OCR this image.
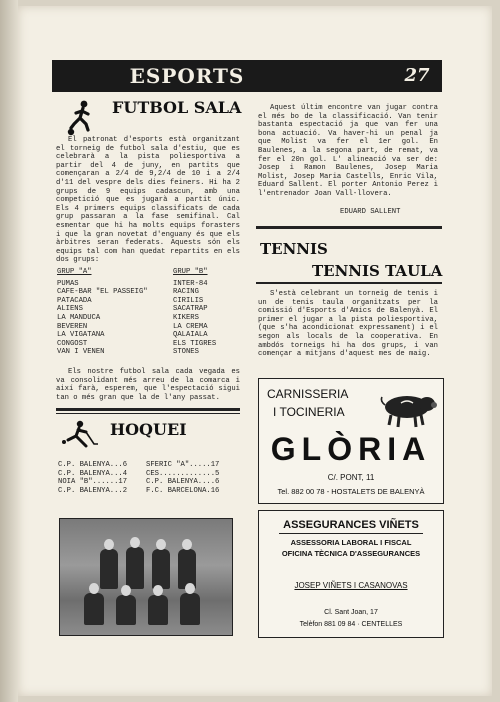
ESPORTS	27
FUTBOL SALA

El patronat d'esports està organitzant el torneig de futbol sala d'estiu, que es celebrarà a la pista poliesportiva a partir del 4 de juny, en partits que començaran a 2/4 de 9,2/4 de 10 i a 2/4 d'11 del vespre dels dies feiners. Hi ha 2 grups de 9 equips cadascun, amb una competició que es jugarà a partit únic. Els 4 primers equips classificats de cada grup passaran a la fase semifinal. Cal esmentar que hi ha molts equips forasters i que la gran novetat d'enguany és que els àrbitres seran federats. Aquests són els equips tal com han quedat repartits en els dos grups:

GRUP "A"
PUMAS
CAFE-BAR "EL PASSEIG"
PATACADA
ALIENS
LA MANDUCA
BEVEREN
LA VIGATANA
CONGOST
VAN I VENEN
GRUP "B"
INTER-84
RACING
CIRILIS
SACATRAP
KIKERS
LA CREMA
QALAIALA
ELS TIGRES
STONES

Els nostre futbol sala cada vegada es va consolidant més arreu de la comarca i així farà, esperem, que l'espectació sigui tan o més gran que la de l'any passat.

HOQUEI
C.P. BALENYA...6
C.P. BALENYA...4
NOIA "B"......17
C.P. BALENYA...2
SFERIC "A".....17
CES.............5
C.P. BALENYA....6
F.C. BARCELONA.16

Aquest últim encontre van jugar contra el més bo de la classificació. Van tenir bastanta espectació ja que van fer una bona actuació. Va haver-hi un penal ja que Molist va fer el 1er gol. En Baulenes, a la segona part, de remat, va fer el 20n gol. L' alineació va ser de: Josep i Ramon Baulenes, Josep Maria Molist, Josep Maria Castells, Enric Vila, Eduard Sallent. El porter Antonio Perez i l'entrenador Joan Vall-llovera.

EDUARD SALLENT
TENNIS
TENNIS TAULA

S'està celebrant un torneig de tenis i un de tenis taula organitzats per la comissió d'Esports d'Amics de Balenyà. El primer el jugar a la pista poliesportiva,(que s'ha acondicionat expressament) i el segon als locals de la cooperativa. En ambdós torneigs hi ha dos grups, i van començar a mitjans d'aquest mes de maig.

CARNISSERIA
I TOCINERIA
GLÒRIA
C/. PONT, 11
Tel. 882 00 78 - HOSTALETS DE BALENYÀ
ASSEGURANCES VIÑETS
ASSESSORIA LABORAL I FISCAL
OFICINA TÈCNICA D'ASSEGURANCES
JOSEP VIÑETS I CASANOVAS
Cl. Sant Joan, 17
Telèfon 881 09 84 · CENTELLES
